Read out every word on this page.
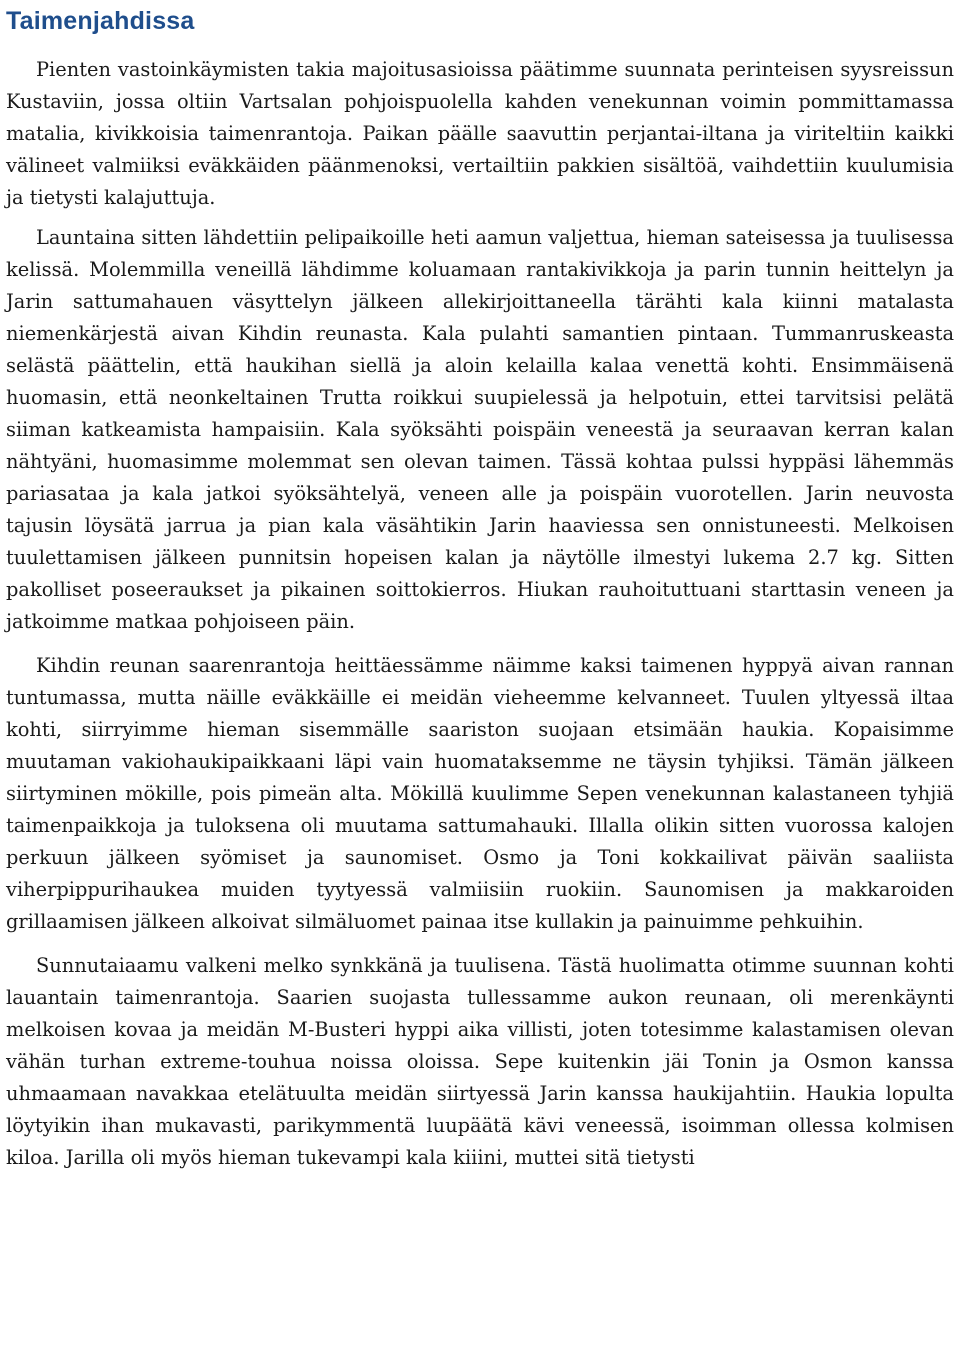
Taimenjahdissa

Pienten vastoinkäymisten takia majoitusasioissa päätimme suunnata perinteisen syysreissun Kustaviin, jossa oltiin Vartsalan pohjoispuolella kahden venekunnan voimin pommittamassa matalia, kivikkoisia taimenrantoja. Paikan päälle saavuttin perjantai-iltana ja viriteltiin kaikki välineet valmiiksi eväkkäiden päänmenoksi, vertailtiin pakkien sisältöä, vaihdettiin kuulumisia ja tietysti kalajuttuja.

Launtaina sitten lähdettiin pelipaikoille heti aamun valjettua, hieman sateisessa ja tuulisessa kelissä. Molemmilla veneillä lähdimme koluamaan rantakivikkoja ja parin tunnin heittelyn ja Jarin sattumahauen väsyttelyn jälkeen allekirjoittaneella tärähti kala kiinni matalasta niemenkärjestä aivan Kihdin reunasta. Kala pulahti samantien pintaan. Tummanruskeasta selästä päättelin, että haukihan siellä ja aloin kelailla kalaa venettä kohti. Ensimmäisenä huomasin, että neonkeltainen Trutta roikkui suupielessä ja helpotuin, ettei tarvitsisi pelätä siiman katkeamista hampaisiin. Kala syöksähti poispäin veneestä ja seuraavan kerran kalan nähtyäni, huomasimme molemmat sen olevan taimen. Tässä kohtaa pulssi hyppäsi lähemmäs pariasataa ja kala jatkoi syöksähtelyä, veneen alle ja poispäin vuorotellen. Jarin neuvosta tajusin löysätä jarrua ja pian kala väsähtikin Jarin haaviessa sen onnistuneesti. Melkoisen tuulettamisen jälkeen punnitsin hopeisen kalan ja näytölle ilmestyi lukema 2.7 kg. Sitten pakolliset poseeraukset ja pikainen soittokierros. Hiukan rauhoituttuani starttasin veneen ja jatkoimme matkaa pohjoiseen päin.

Kihdin reunan saarenrantoja heittäessämme näimme kaksi taimenen hyppyä aivan rannan tuntumassa, mutta näille eväkkäille ei meidän vieheemme kelvanneet. Tuulen yltyessä iltaa kohti, siirryimme hieman sisemmälle saariston suojaan etsimään haukia. Kopaisimme muutaman vakiohaukipaikkaani läpi vain huomataksemme ne täysin tyhjiksi. Tämän jälkeen siirtyminen mökille, pois pimeän alta. Mökillä kuulimme Sepen venekunnan kalastaneen tyhjiä taimenpaikkoja ja tuloksena oli muutama sattumahauki. Illalla olikin sitten vuorossa kalojen perkuun jälkeen syömiset ja saunomiset. Osmo ja Toni kokkailivat päivän saaliista viherpippurihaukea muiden tyytyessä valmiisiin ruokiin. Saunomisen ja makkaroiden grillaamisen jälkeen alkoivat silmäluomet painaa itse kullakin ja painuimme pehkuihin.

Sunnutaiaamu valkeni melko synkkänä ja tuulisena. Tästä huolimatta otimme suunnan kohti lauantain taimenrantoja. Saarien suojasta tullessamme aukon reunaan, oli merenkäynti melkoisen kovaa ja meidän M-Busteri hyppi aika villisti, joten totesimme kalastamisen olevan vähän turhan extreme-touhua noissa oloissa. Sepe kuitenkin jäi Tonin ja Osmon kanssa uhmaamaan navakkaa etelätuulta meidän siirtyessä Jarin kanssa haukijahtiin. Haukia lopulta löytyikin ihan mukavasti, parikymmentä luupäätä kävi veneessä, isoimman ollessa kolmisen kiloa. Jarilla oli myös hieman tukevampi kala kiiini, muttei sitä tietysti
